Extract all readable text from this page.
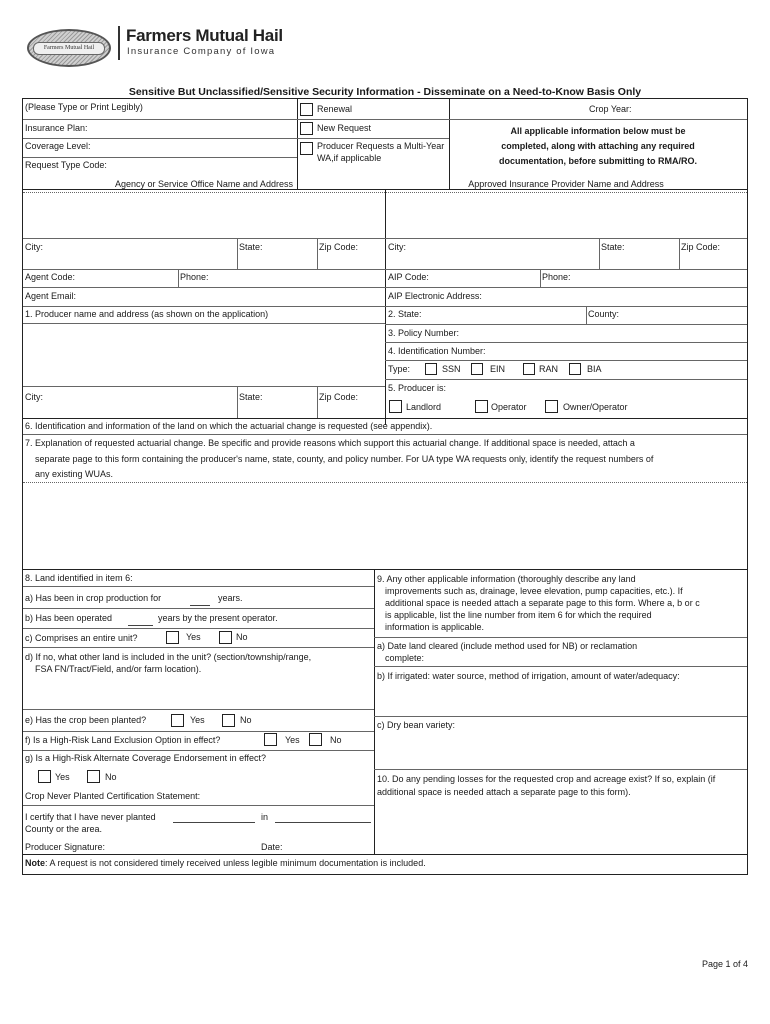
Farmers Mutual Hail
Farmers Mutual Hail
Insurance Company of Iowa
Sensitive But Unclassified/Sensitive Security Information - Disseminate on a Need-to-Know Basis Only
(Please Type or Print Legibly)
Insurance Plan:
Coverage Level:
Request Type Code:
Renewal
New Request
Producer Requests a Multi-Year
WA,if applicable
Crop Year:
All applicable information below must be
completed, along with attaching any required
documentation, before submitting to RMA/RO.
Agency or Service Office Name and Address	Approved Insurance Provider Name and Address
City:	State:	Zip Code:	City:	State:	Zip Code:
Agent Code:	Phone:	AIP Code:	Phone:
Agent Email:	AIP Electronic Address:
1. Producer name and address (as shown on the application)
City:	State:	Zip Code:
2. State:	County:
3. Policy Number:
4. Identification Number:
Type:	SSN	EIN	RAN	BIA
5. Producer is:
Landlord	Operator	Owner/Operator
6. Identification and information of the land on which the actuarial change is requested (see appendix).
7. Explanation of requested actuarial change. Be specific and provide reasons which support this actuarial change. If additional space is needed, attach a
separate page to this form containing the producer's name, state, county, and policy number. For UA type WA requests only, identify the request numbers of
any existing WUAs.
8. Land identified in item 6:
a) Has been in crop production for	years.
b) Has been operated	years by the present operator.
c) Comprises an entire unit?	Yes	No
d) If no, what other land is included in the unit? (section/township/range,
FSA FN/Tract/Field, and/or farm location).
e) Has the crop been planted?	Yes	No
f) Is a High-Risk Land Exclusion Option in effect?	Yes	No
g) Is a High-Risk Alternate Coverage Endorsement in effect?
Yes	No
Crop Never Planted Certification Statement:
I certify that I have never planted	in
County or the area.
Producer Signature:	Date:
9. Any other applicable information (thoroughly describe any land
improvements such as, drainage, levee elevation, pump capacities, etc.). If
additional space is needed attach a separate page to this form. Where a, b or c
is applicable, list the line number from item 6 for which the required
information is applicable.
a) Date land cleared (include method used for NB) or reclamation
complete:
b) If irrigated: water source, method of irrigation, amount of water/adequacy:
c) Dry bean variety:
10. Do any pending losses for the requested crop and acreage exist? If so, explain (if
additional space is needed attach a separate page to this form).
Note: A request is not considered timely received unless legible minimum documentation is included.
Page 1 of 4
